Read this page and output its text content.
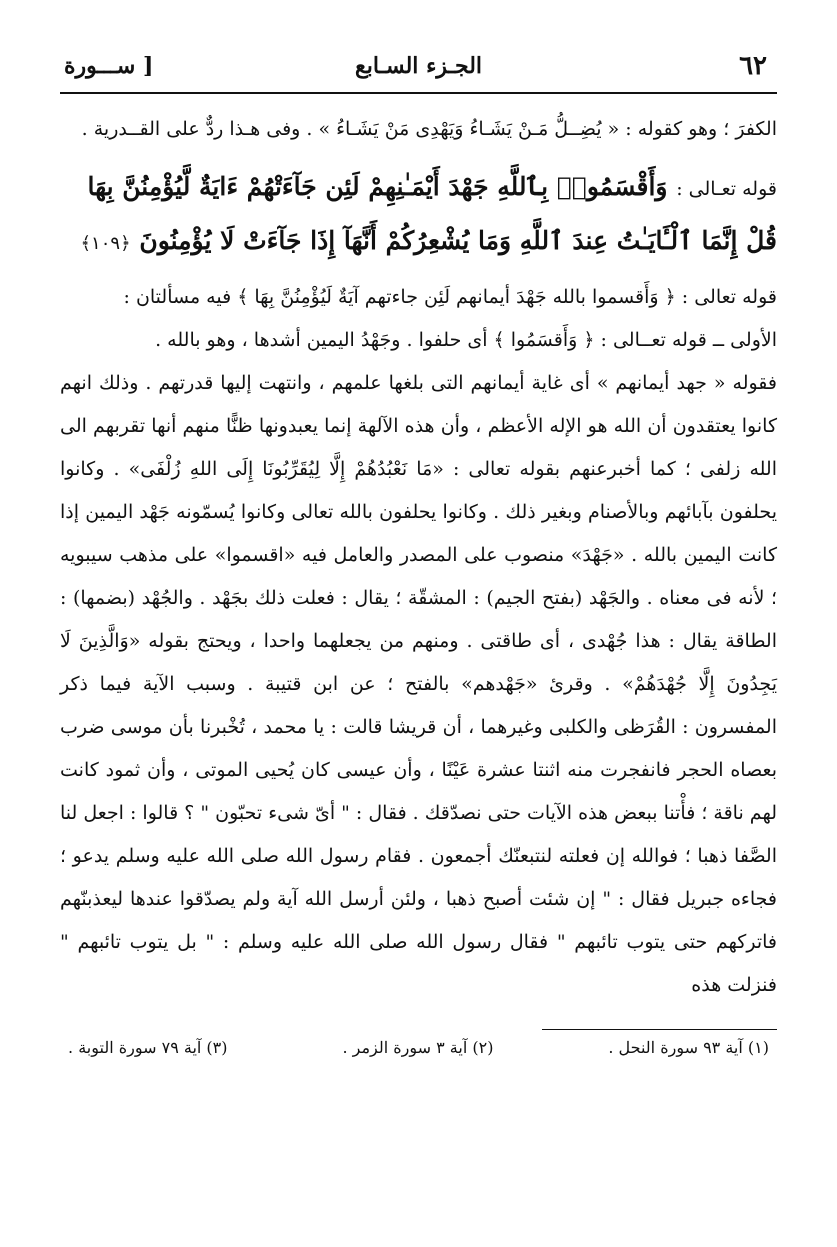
٦٢
الجـزء السـابع
[ ســـورة

الكفرَ ؛ وهو كقوله : « يُضِــلُّ مَـنْ يَشَـاءُ وَيَهْدِى مَنْ يَشَـاءُ » . وفى هـذا ردٌّ على القــدرية .

قوله تعـالى : وَأَقْسَمُوا۟ بِٱللَّهِ جَهْدَ أَيْمَـٰنِهِمْ لَئِن جَآءَتْهُمْ ءَايَةٌ لَّيُؤْمِنُنَّ بِهَا

قُلْ إِنَّمَا ٱلْـَٔايَـٰتُ عِندَ ٱللَّهِ وَمَا يُشْعِرُكُمْ أَنَّهَآ إِذَا جَآءَتْ لَا يُؤْمِنُونَ ﴿١٠٩﴾

قوله تعالى : ﴿ وَأَقسموا بالله جَهْدَ أيمانهم لَئِن جاءتهم آيَةٌ لَيُؤْمِنُنَّ بِهَا ﴾ فيه مسألتان :

الأولى ــ قوله تعــالى : ﴿ وَأَقسَمُوا ﴾ أى حلفوا . وجَهْدُ اليمين أشدها ، وهو بالله .

فقوله « جهد أيمانهم » أى غاية أيمانهم التى بلغها علمهم ، وانتهت إليها قدرتهم . وذلك انهم كانوا يعتقدون أن الله هو الإله الأعظم ، وأن هذه الآلهة إنما يعبدونها ظنًّا منهم أنها تقربهم الى الله زلفى ؛ كما أخبرعنهم بقوله تعالى : «مَا نَعْبُدُهُمْ إِلَّا لِيُقَرِّبُونَا إِلَى اللهِ زُلْفَى» . وكانوا يحلفون بآبائهم وبالأصنام وبغير ذلك . وكانوا يحلفون بالله تعالى وكانوا يُسمّونه جَهْد اليمين إذا كانت اليمين بالله . «جَهْدَ» منصوب على المصدر والعامل فيه «اقسموا» على مذهب سيبويه ؛ لأنه فى معناه . والجَهْد (بفتح الجيم) : المشقّة ؛ يقال : فعلت ذلك بجَهْد . والجُهْد (بضمها) : الطاقة يقال : هذا جُهْدى ، أى طاقتى . ومنهم من يجعلهما واحدا ، ويحتج بقوله «وَالَّذِينَ لَا يَجِدُونَ إِلَّا جُهْدَهُمْ» . وقرئ «جَهْدهم» بالفتح ؛ عن ابن قتيبة . وسبب الآية فيما ذكر المفسرون : القُرَظى والكلبى وغيرهما ، أن قريشا قالت : يا محمد ، تُخْبرنا بأن موسى ضرب بعصاه الحجر فانفجرت منه اثنتا عشرة عَيْنًا ، وأن عيسى كان يُحيى الموتى ، وأن ثمود كانت لهم ناقة ؛ فأْتنا ببعض هذه الآيات حتى نصدّقك . فقال : " أىّ شىء تحبّون " ؟ قالوا : اجعل لنا الصَّفا ذهبا ؛ فوالله إن فعلته لنتبعنّك أجمعون . فقام رسول الله صلى الله عليه وسلم يدعو ؛ فجاءه جبريل فقال : " إن شئت أصبح ذهبا ، ولئن أرسل الله آية ولم يصدّقوا عندها ليعذبنّهم فاتركهم حتى يتوب تائبهم " فقال رسول الله صلى الله عليه وسلم : " بل يتوب تائبهم " فنزلت هذه

(١) آية ٩٣ سورة النحل .
(٢) آية ٣ سورة الزمر .
(٣) آية ٧٩ سورة التوبة .
